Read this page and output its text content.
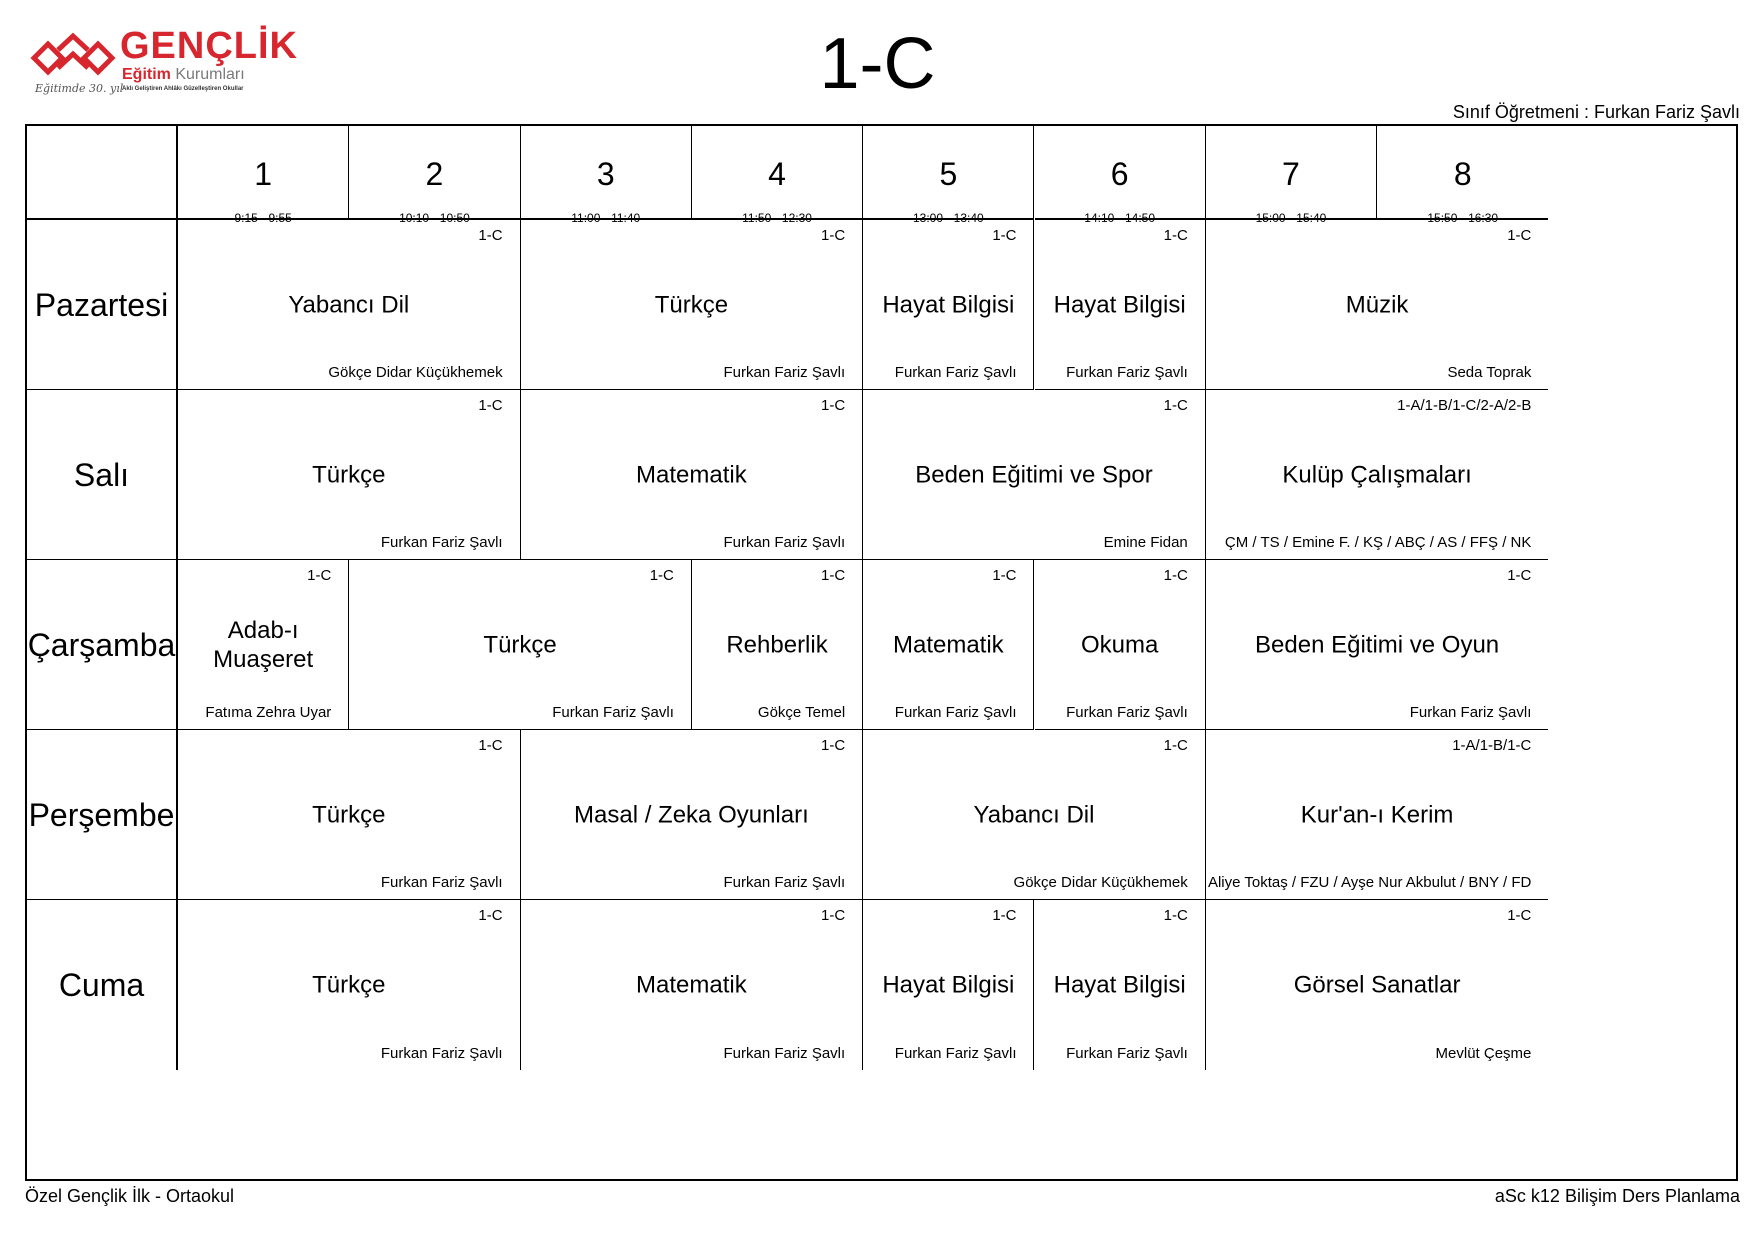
GENÇLİK
Eğitim Kurumları
Aklı Geliştiren Ahlâkı Güzelleştiren Okullar
Eğitimde 30. yıl	1-C
Sınıf Öğretmeni : Furkan Fariz Şavlı
1
9:15 - 9:55
2
10:10 - 10:50
3
11:00 - 11:40
4
11:50 - 12:30
5
13:00 - 13:40
6
14:10 - 14:50
7
15:00 - 15:40
8
15:50 - 16:30
Pazartesi
1-C
Yabancı Dil
Gökçe Didar Küçükhemek
1-C
Türkçe
Furkan Fariz Şavlı
1-C
Hayat Bilgisi
Furkan Fariz Şavlı
1-C
Hayat Bilgisi
Furkan Fariz Şavlı
1-C
Müzik
Seda Toprak
Salı
1-C
Türkçe
Furkan Fariz Şavlı
1-C
Matematik
Furkan Fariz Şavlı
1-C
Beden Eğitimi ve Spor
Emine Fidan
1-A/1-B/1-C/2-A/2-B
Kulüp Çalışmaları
ÇM / TS / Emine F. / KŞ / ABÇ / AS / FFŞ / NK
Çarşamba
1-C
Adab-ı Muaşeret
Fatıma Zehra Uyar
1-C
Türkçe
Furkan Fariz Şavlı
1-C
Rehberlik
Gökçe Temel
1-C
Matematik
Furkan Fariz Şavlı
1-C
Okuma
Furkan Fariz Şavlı
1-C
Beden Eğitimi ve Oyun
Furkan Fariz Şavlı
Perşembe
1-C
Türkçe
Furkan Fariz Şavlı
1-C
Masal / Zeka Oyunları
Furkan Fariz Şavlı
1-C
Yabancı Dil
Gökçe Didar Küçükhemek
1-A/1-B/1-C
Kur'an-ı Kerim
Aliye Toktaş / FZU / Ayşe Nur Akbulut / BNY / FD
Cuma
1-C
Türkçe
Furkan Fariz Şavlı
1-C
Matematik
Furkan Fariz Şavlı
1-C
Hayat Bilgisi
Furkan Fariz Şavlı
1-C
Hayat Bilgisi
Furkan Fariz Şavlı
1-C
Görsel Sanatlar
Mevlüt Çeşme
Özel Gençlik İlk - Ortaokul	aSc k12 Bilişim Ders Planlama
